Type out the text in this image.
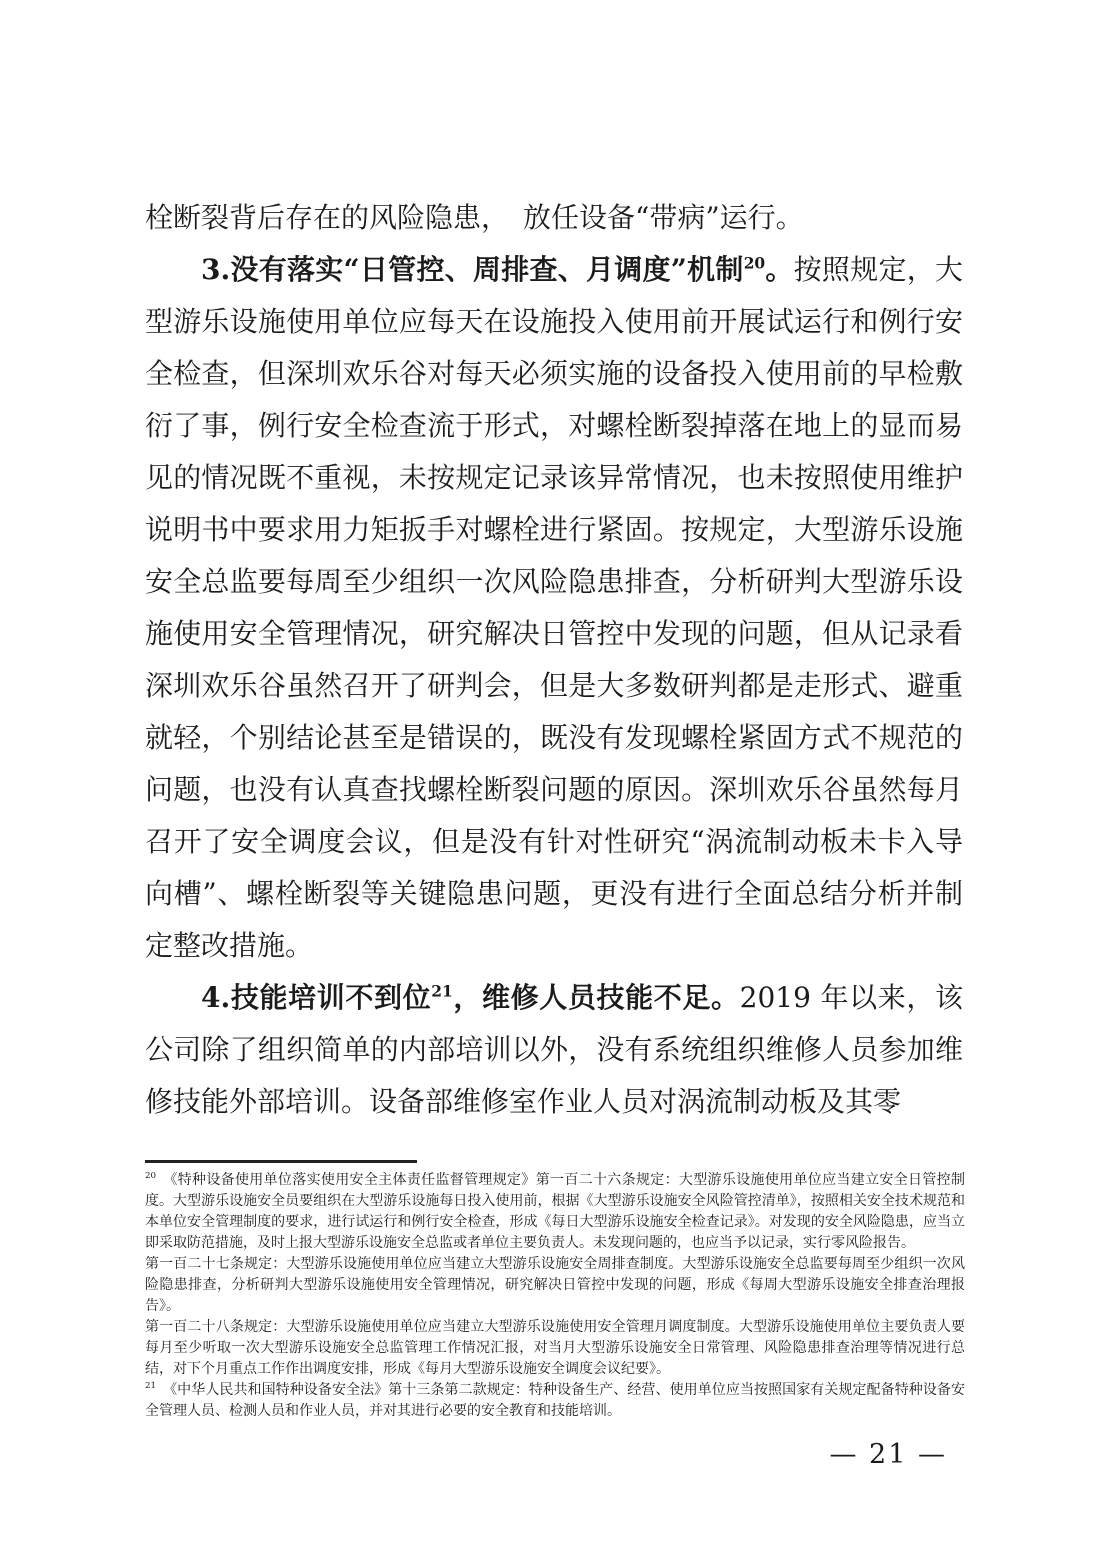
栓断裂背后存在的风险隐患，　放任设备“带病”运行。

3.没有落实“日管控、周排查、月调度”机制$^{20}$。按照规定，大型游乐设施使用单位应每天在设施投入使用前开展试运行和例行安全检查，但深圳欢乐谷对每天必须实施的设备投入使用前的早检敷衍了事，例行安全检查流于形式，对螺栓断裂掉落在地上的显而易见的情况既不重视，未按规定记录该异常情况，也未按照使用维护说明书中要求用力矩扳手对螺栓进行紧固。按规定，大型游乐设施安全总监要每周至少组织一次风险隐患排查，分析研判大型游乐设施使用安全管理情况，研究解决日管控中发现的问题，但从记录看深圳欢乐谷虽然召开了研判会，但是大多数研判都是走形式、避重就轻，个别结论甚至是错误的，既没有发现螺栓紧固方式不规范的问题，也没有认真查找螺栓断裂问题的原因。深圳欢乐谷虽然每月召开了安全调度会议，但是没有针对性研究“涡流制动板未卡入导向槽”、螺栓断裂等关键隐患问题，更没有进行全面总结分析并制定整改措施。

4.技能培训不到位$^{21}$，维修人员技能不足。2019 年以来，该公司除了组织简单的内部培训以外，没有系统组织维修人员参加维修技能外部培训。设备部维修室作业人员对涡流制动板及其零

$^{20}$ 《特种设备使用单位落实使用安全主体责任监督管理规定》第一百二十六条规定：大型游乐设施使用单位应当建立安全日管控制度。大型游乐设施安全员要组织在大型游乐设施每日投入使用前，根据《大型游乐设施安全风险管控清单》，按照相关安全技术规范和本单位安全管理制度的要求，进行试运行和例行安全检查，形成《每日大型游乐设施安全检查记录》。对发现的安全风险隐患，应当立即采取防范措施，及时上报大型游乐设施安全总监或者单位主要负责人。未发现问题的，也应当予以记录，实行零风险报告。

第一百二十七条规定：大型游乐设施使用单位应当建立大型游乐设施安全周排查制度。大型游乐设施安全总监要每周至少组织一次风险隐患排查，分析研判大型游乐设施使用安全管理情况，研究解决日管控中发现的问题，形成《每周大型游乐设施安全排查治理报告》。

第一百二十八条规定：大型游乐设施使用单位应当建立大型游乐设施使用安全管理月调度制度。大型游乐设施使用单位主要负责人要每月至少听取一次大型游乐设施安全总监管理工作情况汇报，对当月大型游乐设施安全日常管理、风险隐患排查治理等情况进行总结，对下个月重点工作作出调度安排，形成《每月大型游乐设施安全调度会议纪要》。

$^{21}$ 《中华人民共和国特种设备安全法》第十三条第二款规定：特种设备生产、经营、使用单位应当按照国家有关规定配备特种设备安全管理人员、检测人员和作业人员，并对其进行必要的安全教育和技能培训。

— 21 —
